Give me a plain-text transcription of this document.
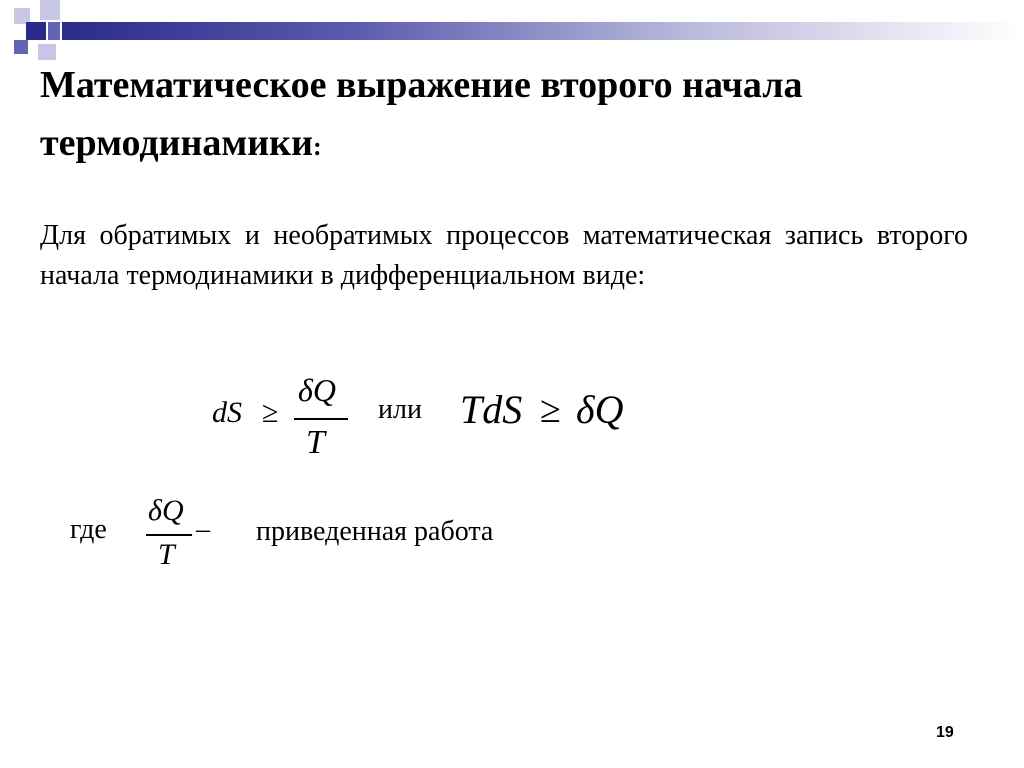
Математическое выражение второго начала термодинамики:

Для обратимых и необратимых процессов математическая запись второго начала термодинамики в дифференциальном виде:

dS ≥
δQ
T
или TdS ≥ δQ
где
δQ
T
– приведенная работа
19
